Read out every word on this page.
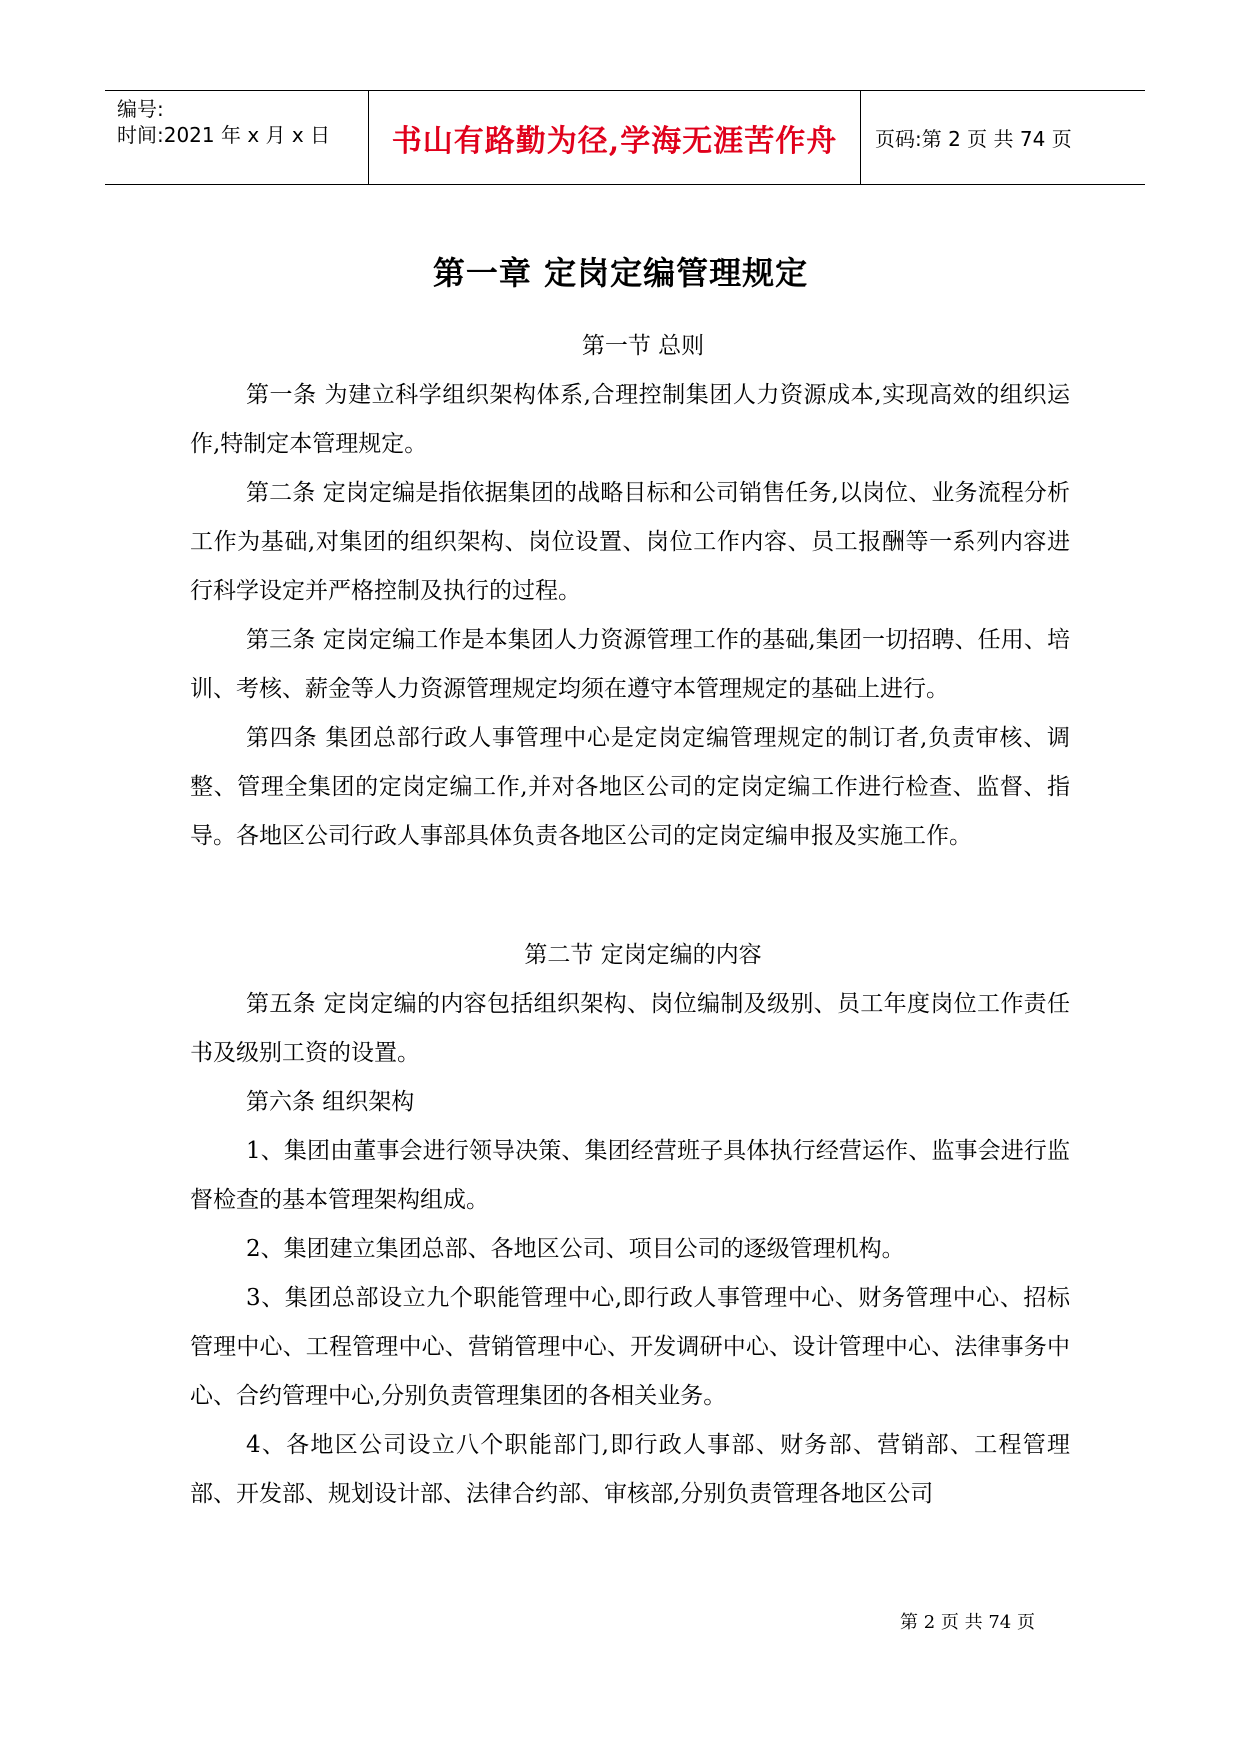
编号:
时间:2021 年 x 月 x 日 书山有路勤为径,学海无涯苦作舟 页码:第 2 页 共 74 页
第一章 定岗定编管理规定

第一节 总则

第一条 为建立科学组织架构体系,合理控制集团人力资源成本,实现高效的组织运作,特制定本管理规定。

第二条 定岗定编是指依据集团的战略目标和公司销售任务,以岗位、业务流程分析工作为基础,对集团的组织架构、岗位设置、岗位工作内容、员工报酬等一系列内容进行科学设定并严格控制及执行的过程。

第三条 定岗定编工作是本集团人力资源管理工作的基础,集团一切招聘、任用、培训、考核、薪金等人力资源管理规定均须在遵守本管理规定的基础上进行。

第四条 集团总部行政人事管理中心是定岗定编管理规定的制订者,负责审核、调整、管理全集团的定岗定编工作,并对各地区公司的定岗定编工作进行检查、监督、指导。各地区公司行政人事部具体负责各地区公司的定岗定编申报及实施工作。

第二节 定岗定编的内容

第五条 定岗定编的内容包括组织架构、岗位编制及级别、员工年度岗位工作责任书及级别工资的设置。

第六条 组织架构

1、集团由董事会进行领导决策、集团经营班子具体执行经营运作、监事会进行监督检查的基本管理架构组成。

2、集团建立集团总部、各地区公司、项目公司的逐级管理机构。

3、集团总部设立九个职能管理中心,即行政人事管理中心、财务管理中心、招标管理中心、工程管理中心、营销管理中心、开发调研中心、设计管理中心、法律事务中心、合约管理中心,分别负责管理集团的各相关业务。

4、各地区公司设立八个职能部门,即行政人事部、财务部、营销部、工程管理部、开发部、规划设计部、法律合约部、审核部,分别负责管理各地区公司

第 2 页 共 74 页
